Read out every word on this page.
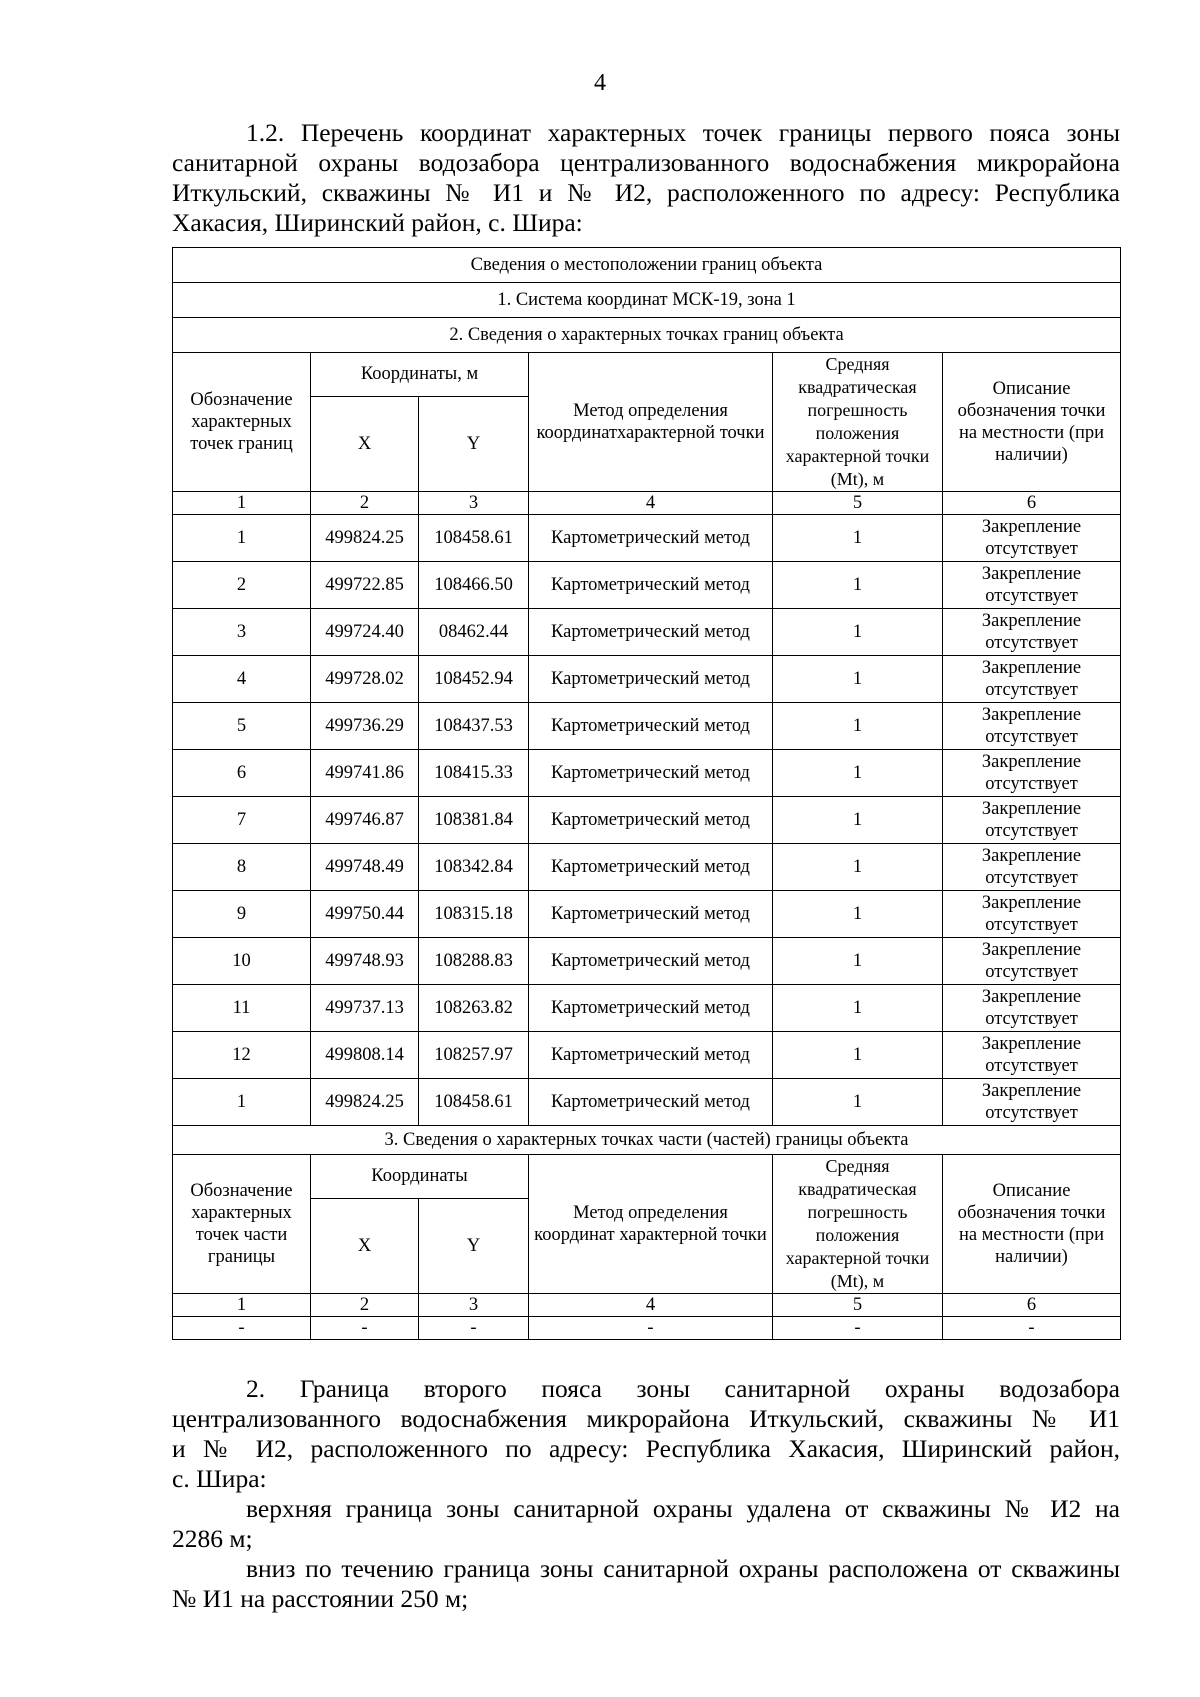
4
1.2. Перечень координат характерных точек границы первого пояса зоны
санитарной охраны водозабора централизованного водоснабжения микрорайона
Иткульский, скважины № И1 и № И2, расположенного по адресу: Республика
Хакасия, Ширинский район, с. Шира:
Сведения о местоположении границ объекта					
1. Система координат МСК-19, зона 1					
2. Сведения о характерных точках границ объекта					
Обозначение характерных точек границ	Координаты, м		Метод определения координатхарактерной точки	Средняя квадратическая погрешность положения характерной точки (Mt), м	Описание обозначения точки на местности (при наличии)
	X	Y			
1	2	3	4	5	6
1	499824.25	108458.61	Картометрический метод	1	Закрепление отсутствует
2	499722.85	108466.50	Картометрический метод	1	Закрепление отсутствует
3	499724.40	08462.44	Картометрический метод	1	Закрепление отсутствует
4	499728.02	108452.94	Картометрический метод	1	Закрепление отсутствует
5	499736.29	108437.53	Картометрический метод	1	Закрепление отсутствует
6	499741.86	108415.33	Картометрический метод	1	Закрепление отсутствует
7	499746.87	108381.84	Картометрический метод	1	Закрепление отсутствует
8	499748.49	108342.84	Картометрический метод	1	Закрепление отсутствует
9	499750.44	108315.18	Картометрический метод	1	Закрепление отсутствует
10	499748.93	108288.83	Картометрический метод	1	Закрепление отсутствует
11	499737.13	108263.82	Картометрический метод	1	Закрепление отсутствует
12	499808.14	108257.97	Картометрический метод	1	Закрепление отсутствует
1	499824.25	108458.61	Картометрический метод	1	Закрепление отсутствует
3. Сведения о характерных точках части (частей) границы объекта					
Обозначение характерных точек части границы	Координаты		Метод определения координат характерной точки	Средняя квадратическая погрешность положения характерной точки (Mt), м	Описание обозначения точки на местности (при наличии)
	X	Y			
1	2	3	4	5	6
-	-	-	-	-	-
2. Граница второго пояса зоны санитарной охраны водозабора
централизованного водоснабжения микрорайона Иткульский, скважины № И1
и № И2, расположенного по адресу: Республика Хакасия, Ширинский район,
с. Шира:
верхняя граница зоны санитарной охраны удалена от скважины № И2 на
2286 м;
вниз по течению граница зоны санитарной охраны расположена от скважины
№ И1 на расстоянии 250 м;
